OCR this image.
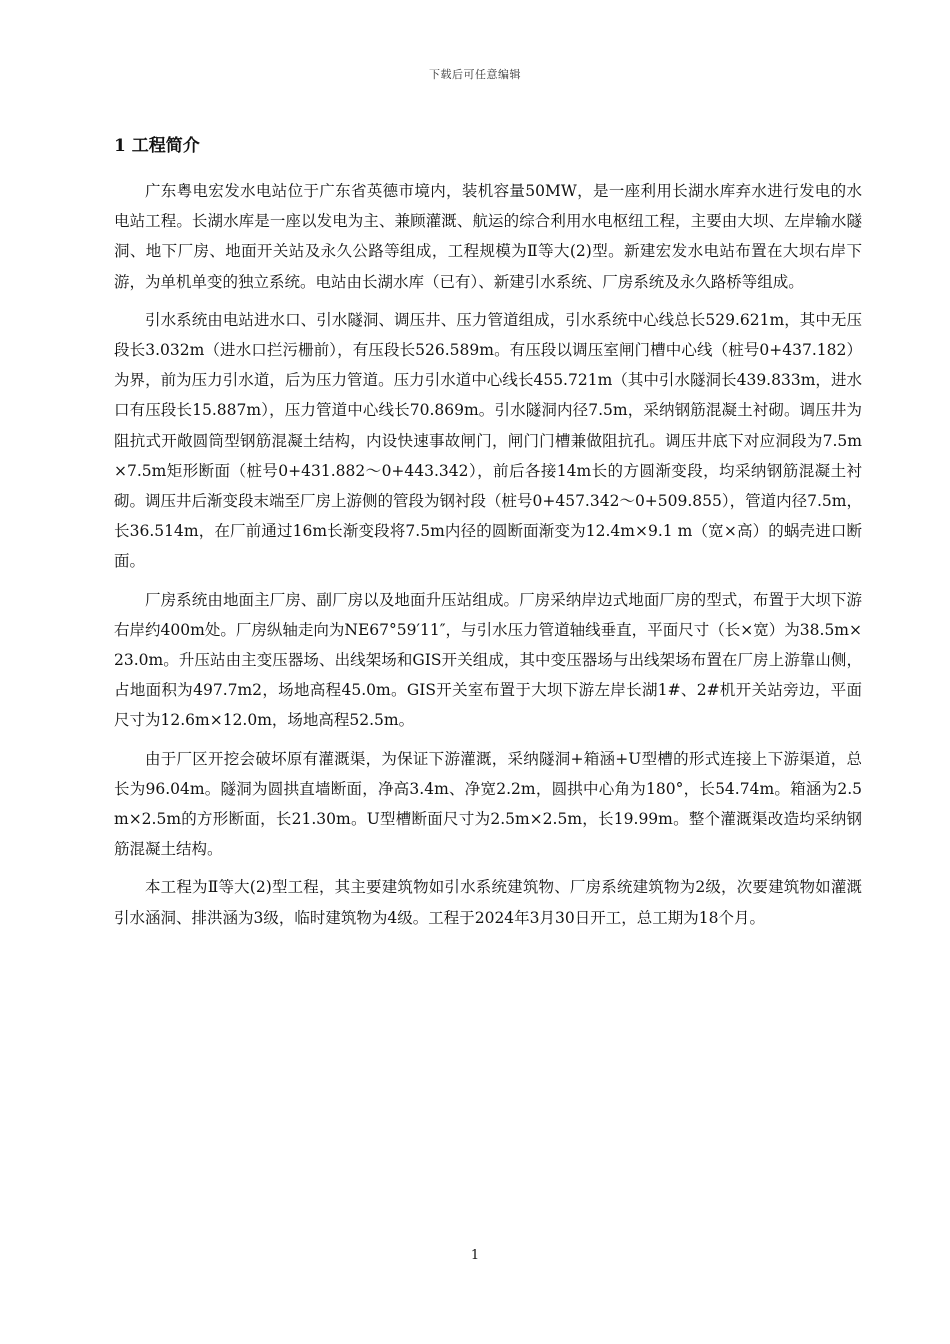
下载后可任意编辑
1 工程简介

广东粤电宏发水电站位于广东省英德市境内，装机容量50MW，是一座利用长湖水库弃水进行发电的水电站工程。长湖水库是一座以发电为主、兼顾灌溉、航运的综合利用水电枢纽工程，主要由大坝、左岸输水隧洞、地下厂房、地面开关站及永久公路等组成，工程规模为Ⅱ等大(2)型。新建宏发水电站布置在大坝右岸下游，为单机单变的独立系统。电站由长湖水库（已有）、新建引水系统、厂房系统及永久路桥等组成。

引水系统由电站进水口、引水隧洞、调压井、压力管道组成，引水系统中心线总长529.621m，其中无压段长3.032m（进水口拦污栅前），有压段长526.589m。有压段以调压室闸门槽中心线（桩号0+437.182）为界，前为压力引水道，后为压力管道。压力引水道中心线长455.721m（其中引水隧洞长439.833m，进水口有压段长15.887m），压力管道中心线长70.869m。引水隧洞内径7.5m，采纳钢筋混凝土衬砌。调压井为阻抗式开敞圆筒型钢筋混凝土结构，内设快速事故闸门，闸门门槽兼做阻抗孔。调压井底下对应洞段为7.5m×7.5m矩形断面（桩号0+431.882～0+443.342），前后各接14m长的方圆渐变段，均采纳钢筋混凝土衬砌。调压井后渐变段末端至厂房上游侧的管段为钢衬段（桩号0+457.342～0+509.855），管道内径7.5m，长36.514m，在厂前通过16m长渐变段将7.5m内径的圆断面渐变为12.4m×9.1 m（宽×高）的蜗壳进口断面。

厂房系统由地面主厂房、副厂房以及地面升压站组成。厂房采纳岸边式地面厂房的型式，布置于大坝下游右岸约400m处。厂房纵轴走向为NE67°59′11″，与引水压力管道轴线垂直，平面尺寸（长×宽）为38.5m×23.0m。升压站由主变压器场、出线架场和GIS开关组成，其中变压器场与出线架场布置在厂房上游靠山侧，占地面积为497.7m2，场地高程45.0m。GIS开关室布置于大坝下游左岸长湖1#、2#机开关站旁边，平面尺寸为12.6m×12.0m，场地高程52.5m。

由于厂区开挖会破坏原有灌溉渠，为保证下游灌溉，采纳隧洞+箱涵+U型槽的形式连接上下游渠道，总长为96.04m。隧洞为圆拱直墙断面，净高3.4m、净宽2.2m，圆拱中心角为180°，长54.74m。箱涵为2.5m×2.5m的方形断面，长21.30m。U型槽断面尺寸为2.5m×2.5m，长19.99m。整个灌溉渠改造均采纳钢筋混凝土结构。

本工程为Ⅱ等大(2)型工程，其主要建筑物如引水系统建筑物、厂房系统建筑物为2级，次要建筑物如灌溉引水涵洞、排洪涵为3级，临时建筑物为4级。工程于2024年3月30日开工，总工期为18个月。

1
